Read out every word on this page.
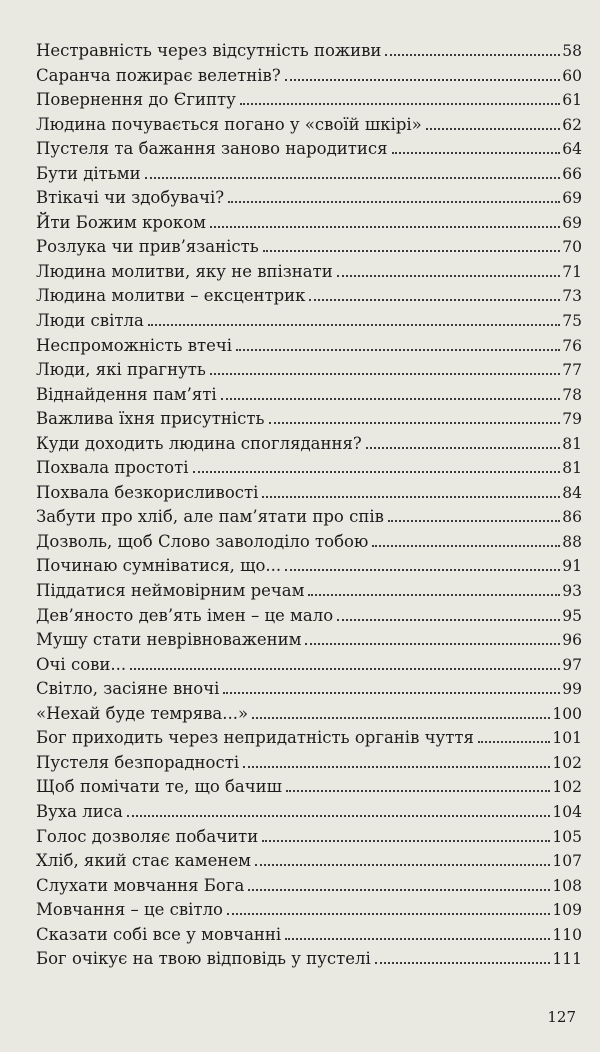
Нестравність через відсутність поживи	58
Саранча пожирає велетнів?	60
Повернення до Єгипту	61
Людина почувається погано у «своїй шкірі»	62
Пустеля та бажання заново народитися	64
Бути дітьми	66
Втікачі чи здобувачі?	69
Йти Божим кроком	69
Розлука чи прив’язаність	70
Людина молитви, яку не впізнати	71
Людина молитви – ексцентрик	73
Люди світла	75
Неспроможність втечі	76
Люди, які прагнуть	77
Віднайдення пам’яті	78
Важлива їхня присутність	79
Куди доходить людина споглядання?	81
Похвала простоті	81
Похвала безкорисливості	84
Забути про хліб, але пам’ятати про спів	86
Дозволь, щоб Слово заволоділо тобою	88
Починаю сумніватися, що...	91
Піддатися неймовірним речам	93
Дев’яносто дев’ять імен – це мало	95
Мушу стати неврівноваженим	96
Очі сови...	97
Світло, засіяне вночі	99
«Нехай буде темрява...»	100
Бог приходить через непридатність органів чуття	101
Пустеля безпорадності	102
Щоб помічати те, що бачиш	102
Вуха лиса	104
Голос дозволяє побачити	105
Хліб, який стає каменем	107
Слухати мовчання Бога	108
Мовчання – це світло	109
Сказати собі все у мовчанні	110
Бог очікує на твою відповідь у пустелі	111
127
